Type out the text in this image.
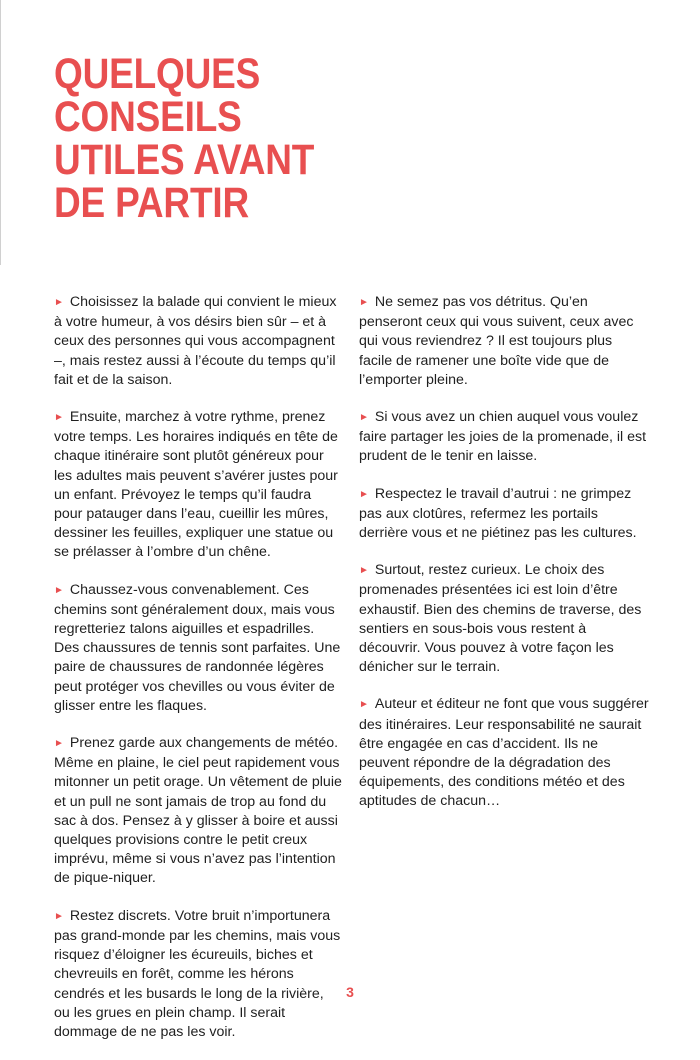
QUELQUES
CONSEILS
UTILES AVANT
DE PARTIR

► Choisissez la balade qui convient le mieux à votre humeur, à vos désirs bien sûr – et à ceux des personnes qui vous accompagnent –, mais restez aussi à l’écoute du temps qu’il fait et de la saison.

► Ensuite, marchez à votre rythme, prenez votre temps. Les horaires indiqués en tête de chaque itinéraire sont plutôt généreux pour les adultes mais peuvent s’avérer justes pour un enfant. Prévoyez le temps qu’il faudra pour patauger dans l’eau, cueillir les mûres, dessiner les feuilles, expliquer une statue ou se prélasser à l’ombre d’un chêne.

► Chaussez-vous convenablement. Ces chemins sont généralement doux, mais vous regretteriez talons aiguilles et espadrilles. Des chaussures de tennis sont parfaites. Une paire de chaussures de randonnée légères peut protéger vos chevilles ou vous éviter de glisser entre les flaques.

► Prenez garde aux changements de météo. Même en plaine, le ciel peut rapidement vous mitonner un petit orage. Un vêtement de pluie et un pull ne sont jamais de trop au fond du sac à dos. Pensez à y glisser à boire et aussi quelques provisions contre le petit creux imprévu, même si vous n’avez pas l’intention de pique-niquer.

► Restez discrets. Votre bruit n’importunera pas grand-monde par les chemins, mais vous risquez d’éloigner les écureuils, biches et chevreuils en forêt, comme les hérons cendrés et les busards le long de la rivière, ou les grues en plein champ. Il serait dommage de ne pas les voir.

► Ne semez pas vos détritus. Qu’en penseront ceux qui vous suivent, ceux avec qui vous reviendrez ? Il est toujours plus facile de ramener une boîte vide que de l’emporter pleine.

► Si vous avez un chien auquel vous voulez faire partager les joies de la promenade, il est prudent de le tenir en laisse.

► Respectez le travail d’autrui : ne grimpez pas aux clotûres, refermez les portails derrière vous et ne piétinez pas les cultures.

► Surtout, restez curieux. Le choix des promenades présentées ici est loin d’être exhaustif. Bien des chemins de traverse, des sentiers en sous-bois vous restent à découvrir. Vous pouvez à votre façon les dénicher sur le terrain.

► Auteur et éditeur ne font que vous suggérer des itinéraires. Leur responsabilité ne saurait être engagée en cas d’accident. Ils ne peuvent répondre de la dégradation des équipements, des conditions météo et des aptitudes de chacun…

3
